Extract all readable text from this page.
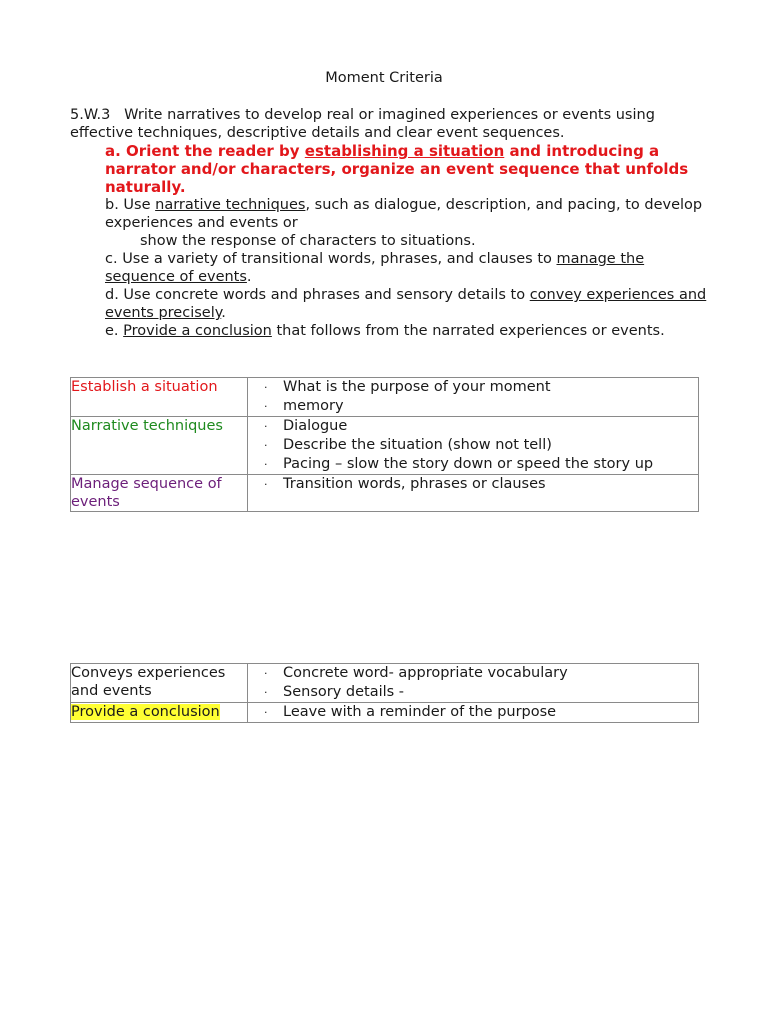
Moment Criteria

5.W.3 Write narratives to develop real or imagined experiences or events using effective techniques, descriptive details and clear event sequences.

a. Orient the reader by establishing a situation and introducing a narrator and/or characters, organize an event sequence that unfolds naturally.

b. Use narrative techniques, such as dialogue, description, and pacing, to develop experiences and events or

show the response of characters to situations.

c. Use a variety of transitional words, phrases, and clauses to manage the sequence of events.

d. Use concrete words and phrases and sensory details to convey experiences and events precisely.

e. Provide a conclusion that follows from the narrated experiences or events.

Establish a situation	· What is the purpose of your moment
· memory

Narrative techniques	· Dialogue
· Describe the situation (show not tell)
· Pacing – slow the story down or speed the story up

Manage sequence of events	· Transition words, phrases or clauses
Conveys experiences and events	· Concrete word- appropriate vocabulary
· Sensory details -

Provide a conclusion	· Leave with a reminder of the purpose
